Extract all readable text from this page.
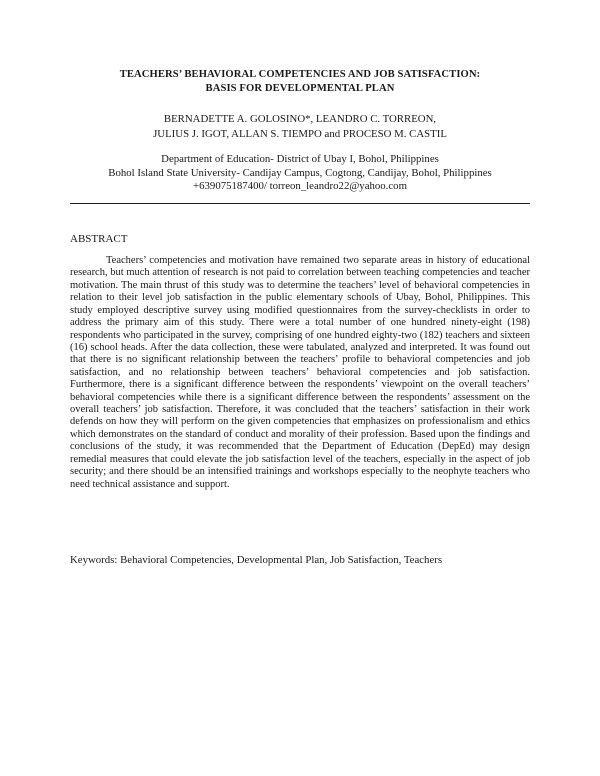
TEACHERS’ BEHAVIORAL COMPETENCIES AND JOB SATISFACTION:
BASIS FOR DEVELOPMENTAL PLAN
BERNADETTE A. GOLOSINO*, LEANDRO C. TORREON,
JULIUS J. IGOT, ALLAN S. TIEMPO and PROCESO M. CASTIL
Department of Education- District of Ubay I, Bohol, Philippines
Bohol Island State University- Candijay Campus, Cogtong, Candijay, Bohol, Philippines
+639075187400/ torreon_leandro22@yahoo.com
ABSTRACT

Teachers’ competencies and motivation have remained two separate areas in history of educational research, but much attention of research is not paid to correlation between teaching competencies and teacher motivation. The main thrust of this study was to determine the teachers’ level of behavioral competencies in relation to their level job satisfaction in the public elementary schools of Ubay, Bohol, Philippines. This study employed descriptive survey using modified questionnaires from the survey-checklists in order to address the primary aim of this study. There were a total number of one hundred ninety-eight (198) respondents who participated in the survey, comprising of one hundred eighty-two (182) teachers and sixteen (16) school heads. After the data collection, these were tabulated, analyzed and interpreted. It was found out that there is no significant relationship between the teachers’ profile to behavioral competencies and job satisfaction, and no relationship between teachers’ behavioral competencies and job satisfaction. Furthermore, there is a significant difference between the respondents’ viewpoint on the overall teachers’ behavioral competencies while there is a significant difference between the respondents’ assessment on the overall teachers’ job satisfaction. Therefore, it was concluded that the teachers’ satisfaction in their work defends on how they will perform on the given competencies that emphasizes on professionalism and ethics which demonstrates on the standard of conduct and morality of their profession. Based upon the findings and conclusions of the study, it was recommended that the Department of Education (DepEd) may design remedial measures that could elevate the job satisfaction level of the teachers, especially in the aspect of job security; and there should be an intensified trainings and workshops especially to the neophyte teachers who need technical assistance and support.

Keywords: Behavioral Competencies, Developmental Plan, Job Satisfaction, Teachers
